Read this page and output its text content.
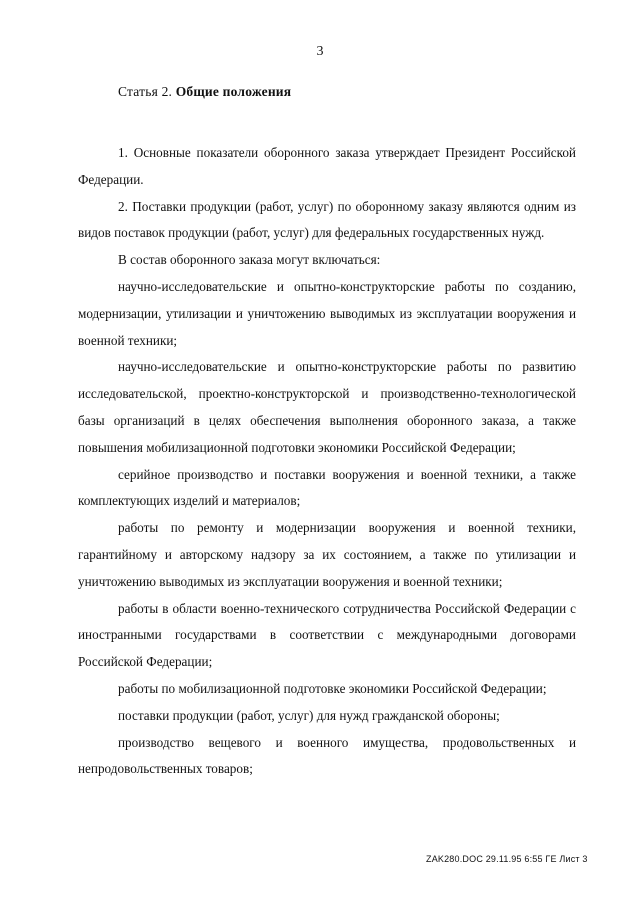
3
Статья 2. Общие положения

1. Основные показатели оборонного заказа утверждает Президент Российской Федерации.

2. Поставки продукции (работ, услуг) по оборонному заказу являются одним из видов поставок продукции (работ, услуг) для федеральных государственных нужд.

В состав оборонного заказа могут включаться:

научно-исследовательские и опытно-конструкторские работы по созданию, модернизации, утилизации и уничтожению выводимых из эксплуатации вооружения и военной техники;

научно-исследовательские и опытно-конструкторские работы по развитию исследовательской, проектно-конструкторской и производственно-технологической базы организаций в целях обеспечения выполнения оборонного заказа, а также повышения мобилизационной подготовки экономики Российской Федерации;

серийное производство и поставки вооружения и военной техники, а также комплектующих изделий и материалов;

работы по ремонту и модернизации вооружения и военной техники, гарантийному и авторскому надзору за их состоянием, а также по утилизации и уничтожению выводимых из эксплуатации вооружения и военной техники;

работы в области военно-технического сотрудничества Российской Федерации с иностранными государствами в соответствии с международными договорами Российской Федерации;

работы по мобилизационной подготовке экономики Российской Федерации;

поставки продукции (работ, услуг) для нужд гражданской обороны;

производство вещевого и военного имущества, продовольственных и непродовольственных товаров;

ZAK280.DOC 29.11.95 6:55 ГЕ Лист 3
